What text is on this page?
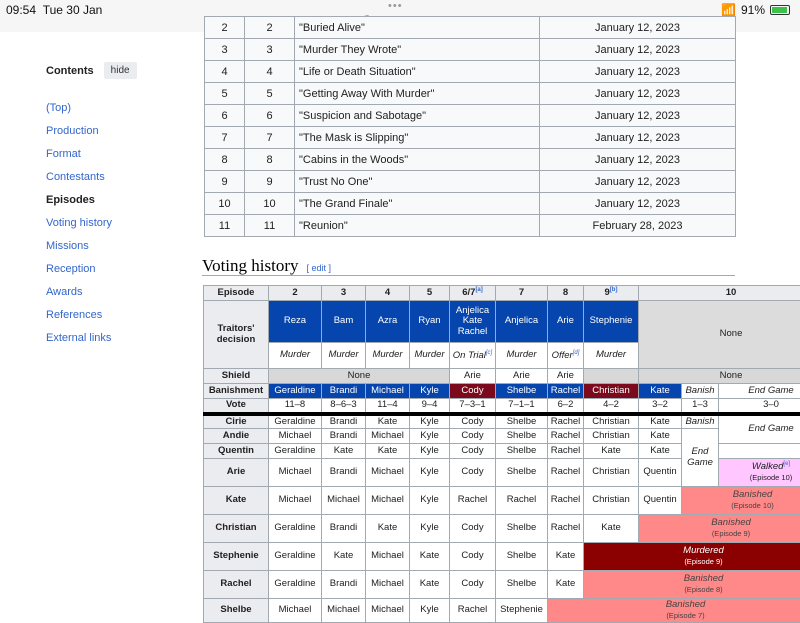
09:54 Tue 30 Jan	•••	📶 91%
Contents	hide
(Top)
Production
Format
Contestants
Episodes
Voting history
Missions
Reception
Awards
References
External links
2	2	"Buried Alive"	January 12, 2023
3	3	"Murder They Wrote"	January 12, 2023
4	4	"Life or Death Situation"	January 12, 2023
5	5	"Getting Away With Murder"	January 12, 2023
6	6	"Suspicion and Sabotage"	January 12, 2023
7	7	"The Mask is Slipping"	January 12, 2023
8	8	"Cabins in the Woods"	January 12, 2023
9	9	"Trust No One"	January 12, 2023
10	10	"The Grand Finale"	January 12, 2023
11	11	"Reunion"	February 28, 2023
Voting history [ edit ]
Episode	2	3	4	5	6/7[a]	7	8	9[b]	10			
Traitors' decision	Reza	Bam	Azra	Ryan	Anjelica Kate Rachel	Anjelica	Arie	Stephenie	None			
	Murder	Murder	Murder	Murder	On Trial[c]	Murder	Offer[d]	Murder				
Shield	None				Arie	Arie	Arie		None			
Banishment	Geraldine	Brandi	Michael	Kyle	Cody	Shelbe	Rachel	Christian	Kate	Banish	End Game	
Vote	11–8	8–6–3	11–4	9–4	7–3–1	7–1–1	6–2	4–2	3–2	1–3	3–0	
Cirie	Geraldine	Brandi	Kate	Kyle	Cody	Shelbe	Rachel	Christian	Kate	Banish	End Game	
Andie	Michael	Brandi	Michael	Kyle	Cody	Shelbe	Rachel	Christian	Kate	End Game	
Quentin	Geraldine	Kate	Kate	Kyle	Cody	Shelbe	Rachel	Kate	Kate			
Arie	Michael	Brandi	Michael	Kyle	Cody	Shelbe	Rachel	Christian	Quentin		Walked[e]
(Episode 10)	
Kate	Michael	Michael	Michael	Kyle	Rachel	Rachel	Rachel	Christian	Quentin	Banished
(Episode 10)		
Christian	Geraldine	Brandi	Kate	Kyle	Cody	Shelbe	Rachel	Kate	Banished
(Episode 9)			
Stephenie	Geraldine	Kate	Michael	Kate	Cody	Shelbe	Kate	Murdered
(Episode 9)				
Rachel	Geraldine	Brandi	Michael	Kate	Cody	Shelbe	Kate	Banished
(Episode 8)				
Shelbe	Michael	Michael	Michael	Kyle	Rachel	Stephenie	Banished
(Episode 7)					
